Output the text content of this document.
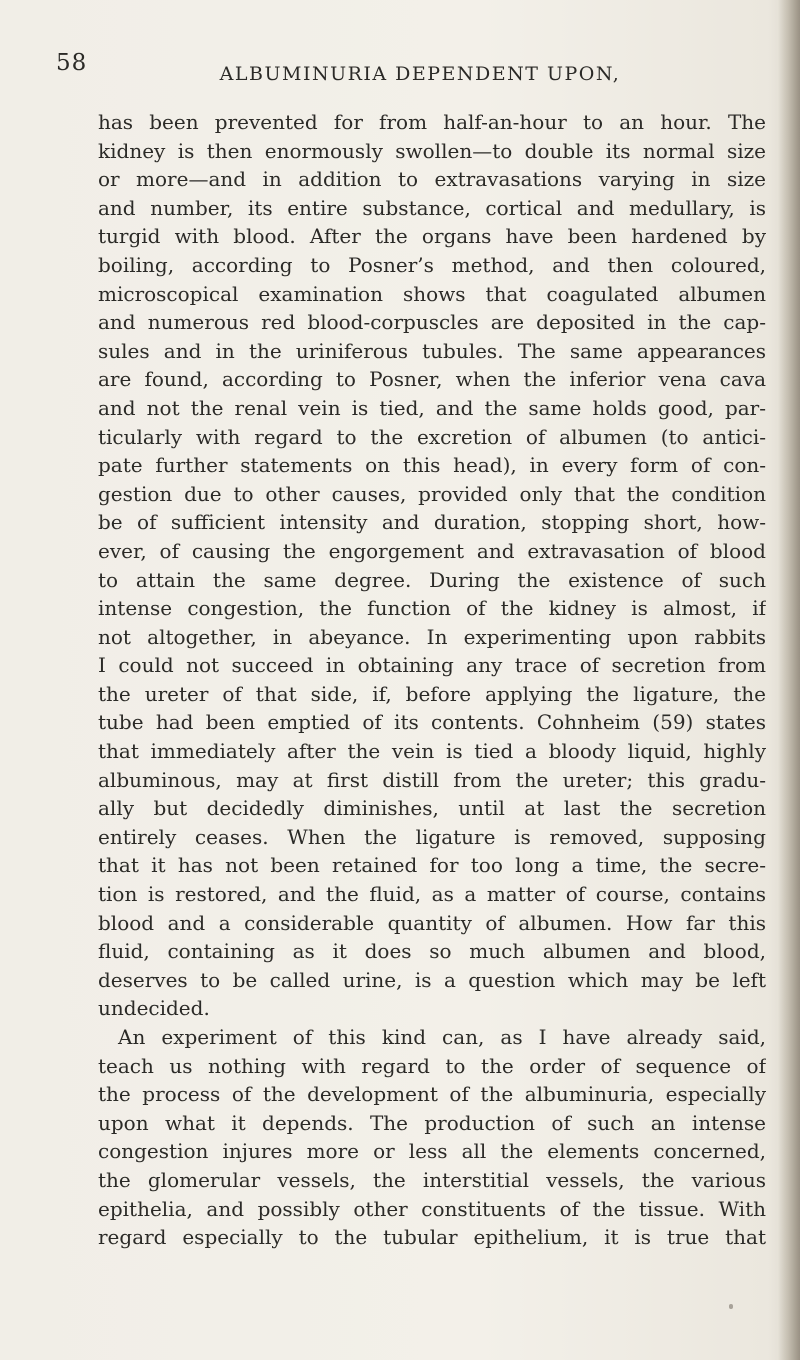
58	ALBUMINURIA DEPENDENT UPON,
has been prevented for from half-an-hour to an hour. The
kidney is then enormously swollen—to double its normal size
or more—and in addition to extravasations varying in size
and number, its entire substance, cortical and medullary, is
turgid with blood. After the organs have been hardened by
boiling, according to Posner’s method, and then coloured,
microscopical examination shows that coagulated albumen
and numerous red blood-corpuscles are deposited in the cap-
sules and in the uriniferous tubules. The same appearances
are found, according to Posner, when the inferior vena cava
and not the renal vein is tied, and the same holds good, par-
ticularly with regard to the excretion of albumen (to antici-
pate further statements on this head), in every form of con-
gestion due to other causes, provided only that the condition
be of sufficient intensity and duration, stopping short, how-
ever, of causing the engorgement and extravasation of blood
to attain the same degree. During the existence of such
intense congestion, the function of the kidney is almost, if
not altogether, in abeyance. In experimenting upon rabbits
I could not succeed in obtaining any trace of secretion from
the ureter of that side, if, before applying the ligature, the
tube had been emptied of its contents. Cohnheim (59) states
that immediately after the vein is tied a bloody liquid, highly
albuminous, may at first distill from the ureter; this gradu-
ally but decidedly diminishes, until at last the secretion
entirely ceases. When the ligature is removed, supposing
that it has not been retained for too long a time, the secre-
tion is restored, and the fluid, as a matter of course, contains
blood and a considerable quantity of albumen. How far this
fluid, containing as it does so much albumen and blood,
deserves to be called urine, is a question which may be left
undecided.
An experiment of this kind can, as I have already said,
teach us nothing with regard to the order of sequence of
the process of the development of the albuminuria, especially
upon what it depends. The production of such an intense
congestion injures more or less all the elements concerned,
the glomerular vessels, the interstitial vessels, the various
epithelia, and possibly other constituents of the tissue. With
regard especially to the tubular epithelium, it is true that
